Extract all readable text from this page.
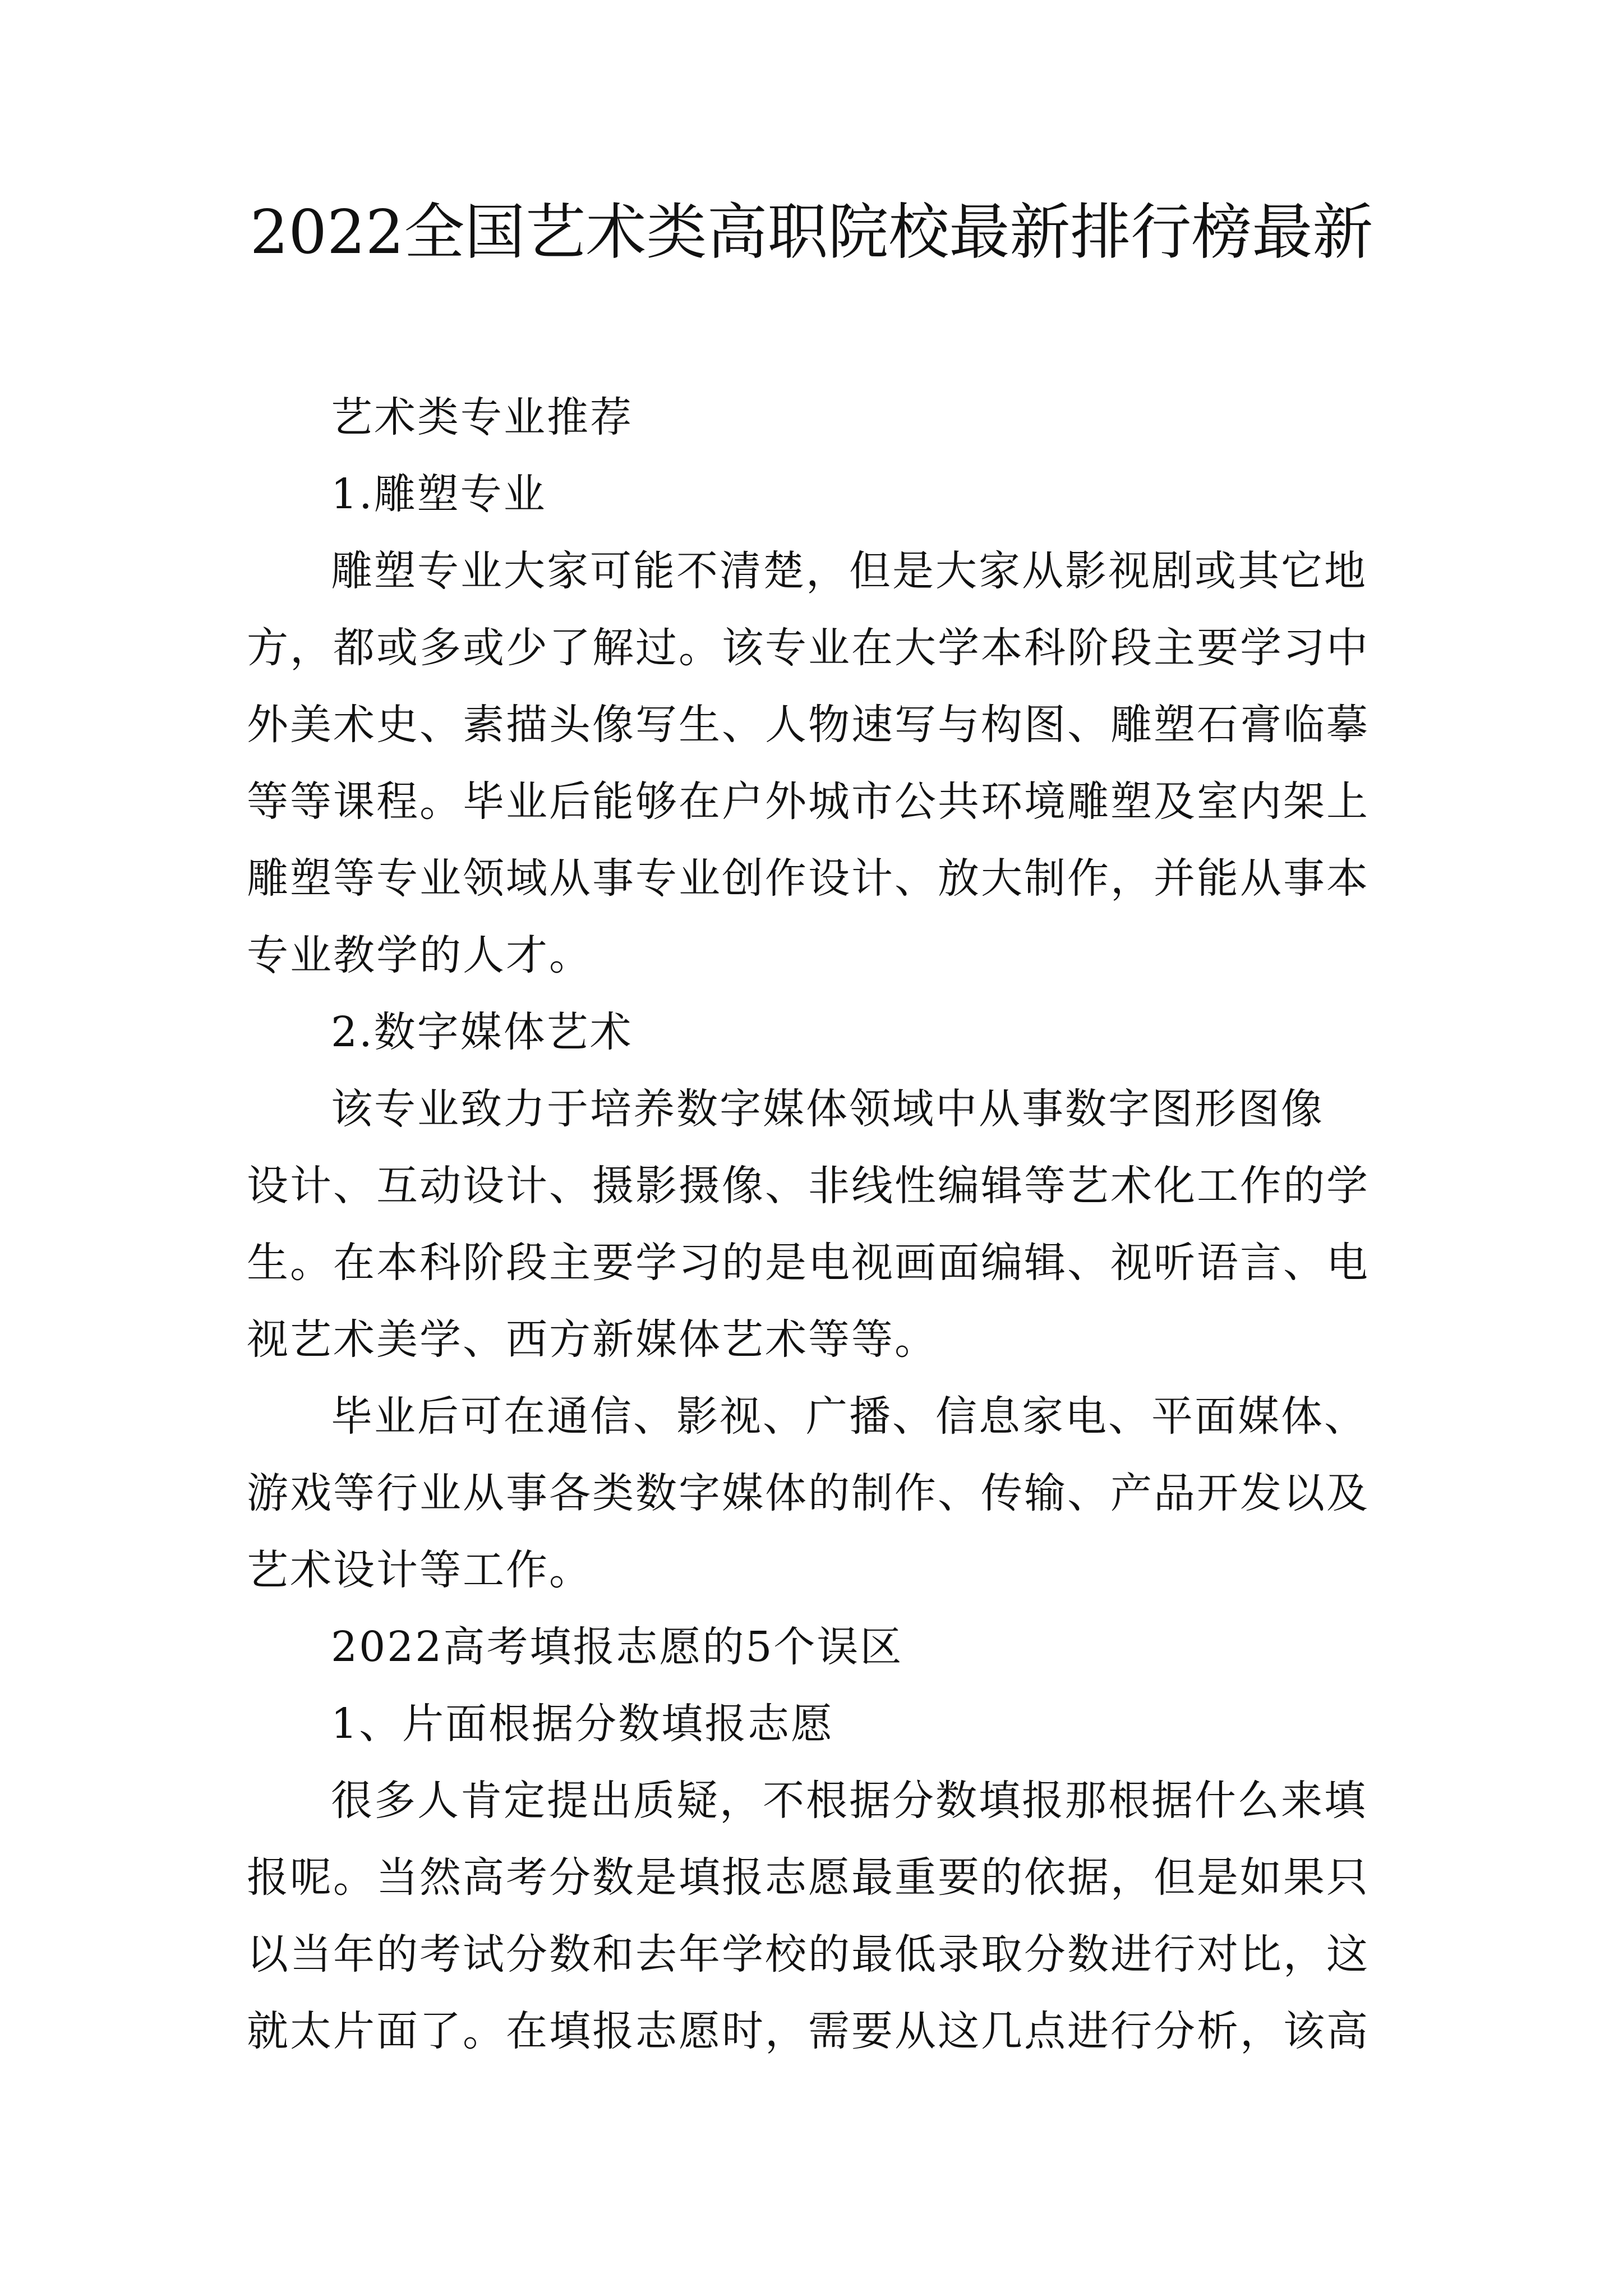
2022全国艺术类高职院校最新排行榜最新
艺术类专业推荐
1.雕塑专业
雕塑专业大家可能不清楚，但是大家从影视剧或其它地
方，都或多或少了解过。该专业在大学本科阶段主要学习中
外美术史、素描头像写生、人物速写与构图、雕塑石膏临摹
等等课程。毕业后能够在户外城市公共环境雕塑及室内架上
雕塑等专业领域从事专业创作设计、放大制作，并能从事本
专业教学的人才。
2.数字媒体艺术
该专业致力于培养数字媒体领域中从事数字图形图像
设计、互动设计、摄影摄像、非线性编辑等艺术化工作的学
生。在本科阶段主要学习的是电视画面编辑、视听语言、电
视艺术美学、西方新媒体艺术等等。
毕业后可在通信、影视、广播、信息家电、平面媒体、
游戏等行业从事各类数字媒体的制作、传输、产品开发以及
艺术设计等工作。
2022高考填报志愿的5个误区
1、片面根据分数填报志愿
很多人肯定提出质疑，不根据分数填报那根据什么来填
报呢。当然高考分数是填报志愿最重要的依据，但是如果只
以当年的考试分数和去年学校的最低录取分数进行对比，这
就太片面了。在填报志愿时，需要从这几点进行分析，该高
